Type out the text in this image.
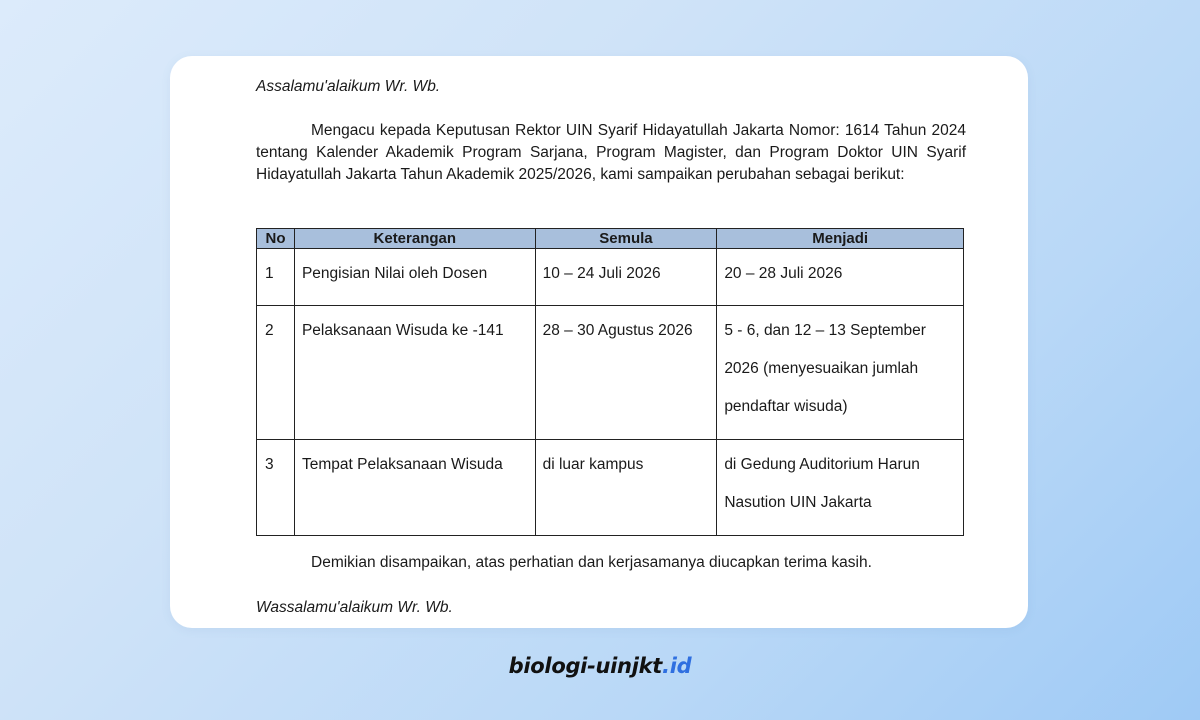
Assalamu'alaikum Wr. Wb.

Mengacu kepada Keputusan Rektor UIN Syarif Hidayatullah Jakarta Nomor: 1614 Tahun 2024 tentang Kalender Akademik Program Sarjana, Program Magister, dan Program Doktor UIN Syarif Hidayatullah Jakarta Tahun Akademik 2025/2026, kami sampaikan perubahan sebagai berikut:

No	Keterangan	Semula	Menjadi

1	Pengisian Nilai oleh Dosen	10 – 24 Juli 2026	20 – 28 Juli 2026

2	Pelaksanaan Wisuda ke -141	28 – 30 Agustus 2026	5 - 6, dan 12 – 13 September 2026 (menyesuaikan jumlah pendaftar wisuda)

3	Tempat Pelaksanaan Wisuda	di luar kampus	di Gedung Auditorium Harun Nasution UIN Jakarta
Demikian disampaikan, atas perhatian dan kerjasamanya diucapkan terima kasih.
Wassalamu'alaikum Wr. Wb.
biologi-uinjkt.id
